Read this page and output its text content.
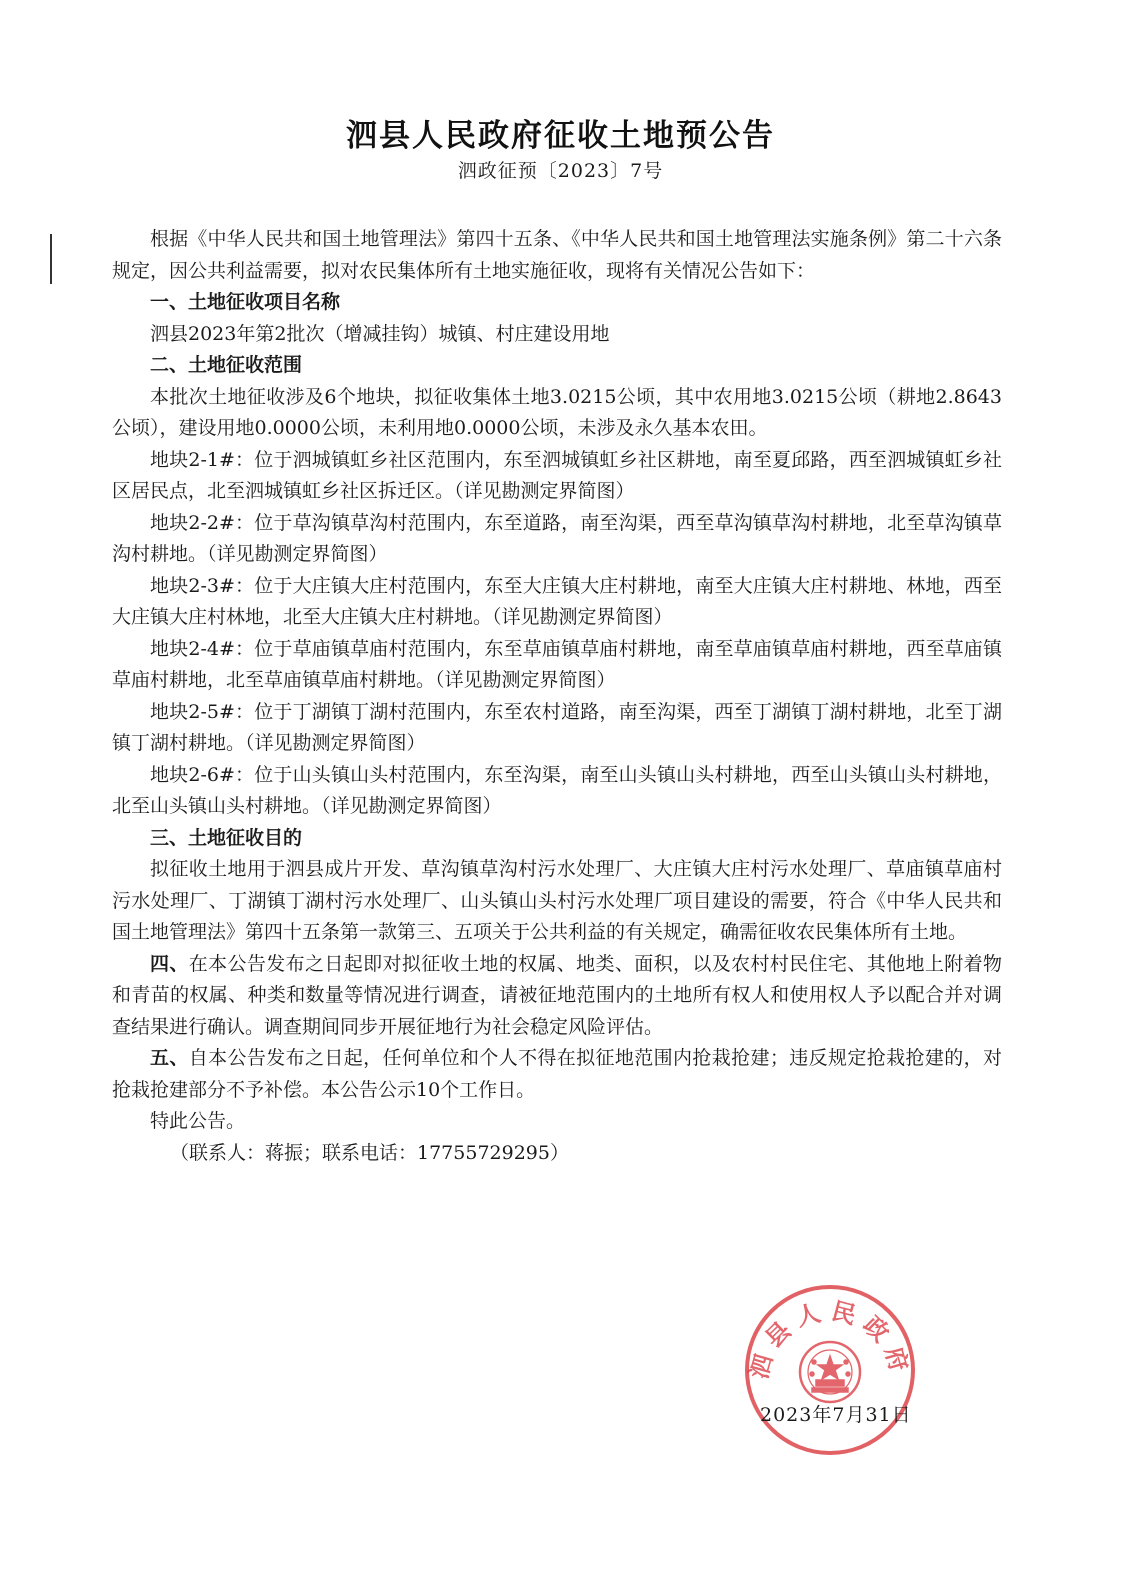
泗县人民政府征收土地预公告
泗政征预〔2023〕7号

根据《中华人民共和国土地管理法》第四十五条、《中华人民共和国土地管理法实施条例》第二十六条规定，因公共利益需要，拟对农民集体所有土地实施征收，现将有关情况公告如下：

一、土地征收项目名称

泗县2023年第2批次（增减挂钩）城镇、村庄建设用地

二、土地征收范围

本批次土地征收涉及6个地块，拟征收集体土地3.0215公顷，其中农用地3.0215公顷（耕地2.8643公顷），建设用地0.0000公顷，未利用地0.0000公顷，未涉及永久基本农田。

地块2-1#：位于泗城镇虹乡社区范围内，东至泗城镇虹乡社区耕地，南至夏邱路，西至泗城镇虹乡社区居民点，北至泗城镇虹乡社区拆迁区。（详见勘测定界简图）

地块2-2#：位于草沟镇草沟村范围内，东至道路，南至沟渠，西至草沟镇草沟村耕地，北至草沟镇草沟村耕地。（详见勘测定界简图）

地块2-3#：位于大庄镇大庄村范围内，东至大庄镇大庄村耕地，南至大庄镇大庄村耕地、林地，西至大庄镇大庄村林地，北至大庄镇大庄村耕地。（详见勘测定界简图）

地块2-4#：位于草庙镇草庙村范围内，东至草庙镇草庙村耕地，南至草庙镇草庙村耕地，西至草庙镇草庙村耕地，北至草庙镇草庙村耕地。（详见勘测定界简图）

地块2-5#：位于丁湖镇丁湖村范围内，东至农村道路，南至沟渠，西至丁湖镇丁湖村耕地，北至丁湖镇丁湖村耕地。（详见勘测定界简图）

地块2-6#：位于山头镇山头村范围内，东至沟渠，南至山头镇山头村耕地，西至山头镇山头村耕地，北至山头镇山头村耕地。（详见勘测定界简图）

三、土地征收目的

拟征收土地用于泗县成片开发、草沟镇草沟村污水处理厂、大庄镇大庄村污水处理厂、草庙镇草庙村污水处理厂、丁湖镇丁湖村污水处理厂、山头镇山头村污水处理厂项目建设的需要，符合《中华人民共和国土地管理法》第四十五条第一款第三、五项关于公共利益的有关规定，确需征收农民集体所有土地。

四、在本公告发布之日起即对拟征收土地的权属、地类、面积，以及农村村民住宅、其他地上附着物和青苗的权属、种类和数量等情况进行调查，请被征地范围内的土地所有权人和使用权人予以配合并对调查结果进行确认。调查期间同步开展征地行为社会稳定风险评估。

五、自本公告发布之日起，任何单位和个人不得在拟征地范围内抢栽抢建；违反规定抢栽抢建的，对抢栽抢建部分不予补偿。本公告公示10个工作日。

特此公告。

（联系人：蒋振；联系电话：17755729295）

泗县人民政府
2023年7月31日
